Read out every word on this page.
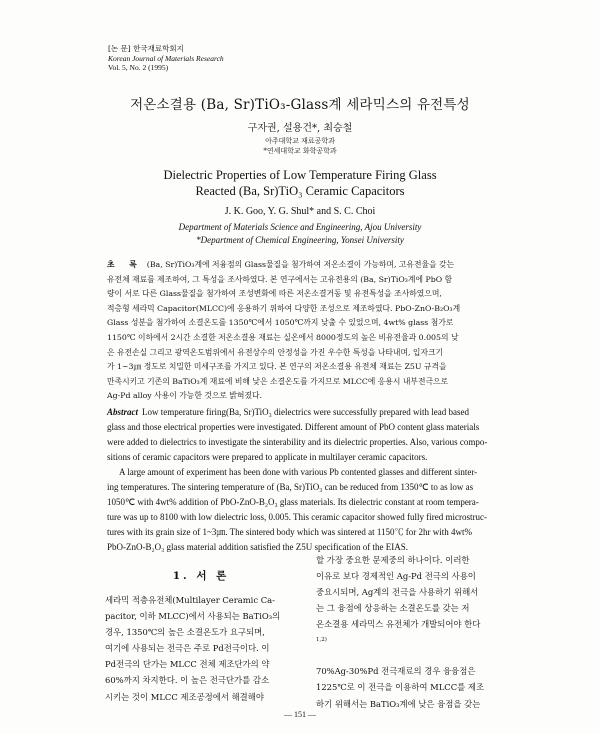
[논 문] 한국재료학회지
Korean Journal of Materials Research
Vol. 5, No. 2 (1995)
저온소결용 (Ba, Sr)TiO₃-Glass계 세라믹스의 유전특성
구자권, 설용건*, 최승철
아주대학교 재료공학과
*연세대학교 화학공학과
Dielectric Properties of Low Temperature Firing Glass
Reacted (Ba, Sr)TiO₃ Ceramic Capacitors
J. K. Goo, Y. G. Shul* and S. C. Choi
Department of Materials Science and Engineering, Ajou University
*Department of Chemical Engineering, Yonsei University

초 록 (Ba, Sr)TiO₃계에 저융점의 Glass물질을 첨가하여 저온소결이 가능하며, 고유전율을 갖는

유전체 재료를 제조하여, 그 특성을 조사하였다. 본 연구에서는 고유전용의 (Ba, Sr)TiO₃계에 PbO 함

량이 서로 다른 Glass물질을 첨가하여 조성변화에 따른 저온소결거동 및 유전특성을 조사하였으며,

적층형 세라믹 Capacitor(MLCC)에 응용하기 위하여 다양한 조성으로 제조하였다. PbO-ZnO-B₂O₃계

Glass 성분을 첨가하여 소결온도를 1350℃에서 1050℃까지 낮출 수 있었으며, 4wt% glass 첨가로

1150℃ 이하에서 2시간 소결한 저온소결용 재료는 실온에서 8000정도의 높은 비유전율과 0.005의 낮

은 유전손실 그리고 광역온도범위에서 유전상수의 안정성을 가진 우수한 특성을 나타내며, 입자크기

가 1~3㎛ 정도로 치밀한 미세구조를 가지고 있다. 본 연구의 저온소결용 유전체 재료는 Z5U 규격을

만족시키고 기존의 BaTiO₃계 재료에 비해 낮은 소결온도를 가지므로 MLCC에 응용시 내부전극으로

Ag-Pd alloy 사용이 가능한 것으로 밝혀졌다.

Abstract Low temperature firing(Ba, Sr)TiO₃ dielectrics were successfully prepared with lead based

glass and those electrical properties were investigated. Different amount of PbO content glass materials

were added to dielectrics to investigate the sinterability and its dielectric properties. Also, various compo-

sitions of ceramic capacitors were prepared to applicate in multilayer ceramic capacitors.

A large amount of experiment has been done with various Pb contented glasses and different sinter-

ing temperatures. The sintering temperature of (Ba, Sr)TiO₃ can be reduced from 1350℃ to as low as

1050℃ with 4wt% addition of PbO-ZnO-B₂O₃ glass materials. Its dielectric constant at room tempera-

ture was up to 8100 with low dielectric loss, 0.005. This ceramic capacitor showed fully fired microstruc-

tures with its grain size of 1~3㎛. The sintered body which was sintered at 1150℃ for 2hr with 4wt%

PbO-ZnO-B₂O₃ glass material addition satisfied the Z5U specification of the EIAS.

1. 서 론

세라믹 적층유전체(Multilayer Ceramic Ca-

pacitor, 이하 MLCC)에서 사용되는 BaTiO₃의

경우, 1350℃의 높은 소결온도가 요구되며,

여기에 사용되는 전극은 주로 Pd전극이다. 이

Pd전극의 단가는 MLCC 전체 제조단가의 약

60%까지 차지한다. 이 높은 전극단가를 감소

시키는 것이 MLCC 제조공정에서 해결해야

할 가장 중요한 문제중의 하나이다. 이러한

이유로 보다 경제적인 Ag-Pd 전극의 사용이

중요시되며, Ag계의 전극을 사용하기 위해서

는 그 융점에 상응하는 소결온도를 갖는 저

온소결용 세라믹스 유전체가 개발되어야 한다

$^{1,2)}$

70%Ag-30%Pd 전극재료의 경우 융융점은

1225℃로 이 전극을 이용하여 MLCC를 제조

하기 위해서는 BaTiO₃계에 낮은 융점을 갖는

— 151 —
